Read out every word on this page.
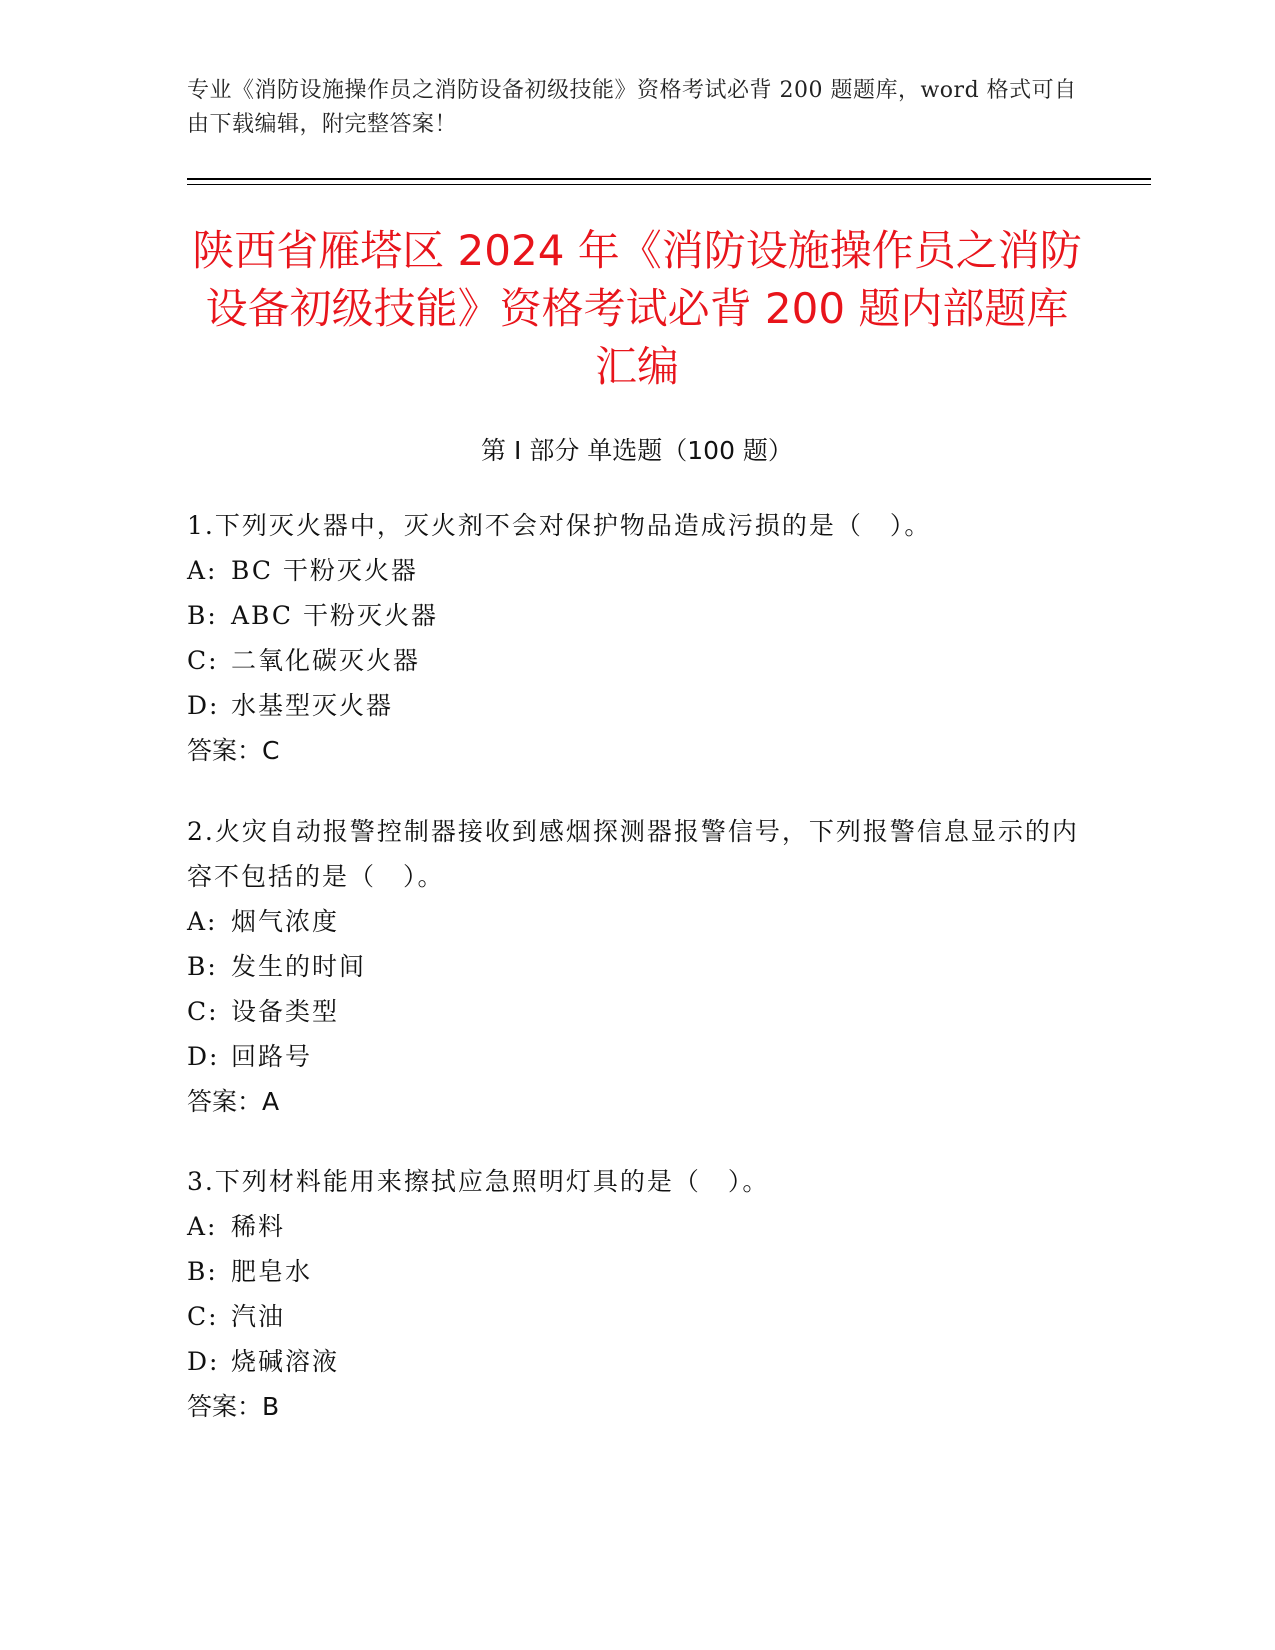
专业《消防设施操作员之消防设备初级技能》资格考试必背 200 题题库，word 格式可自由下载编辑，附完整答案！
陕西省雁塔区 2024 年《消防设施操作员之消防设备初级技能》资格考试必背 200 题内部题库汇编
第 I 部分 单选题（100 题）
1.下列灭火器中，灭火剂不会对保护物品造成污损的是（　）。
A: BC 干粉灭火器
B: ABC 干粉灭火器
C: 二氧化碳灭火器
D: 水基型灭火器
答案：C
2.火灾自动报警控制器接收到感烟探测器报警信号，下列报警信息显示的内容不包括的是（　）。
A: 烟气浓度
B: 发生的时间
C: 设备类型
D: 回路号
答案：A
3.下列材料能用来擦拭应急照明灯具的是（　）。
A: 稀料
B: 肥皂水
C: 汽油
D: 烧碱溶液
答案：B
